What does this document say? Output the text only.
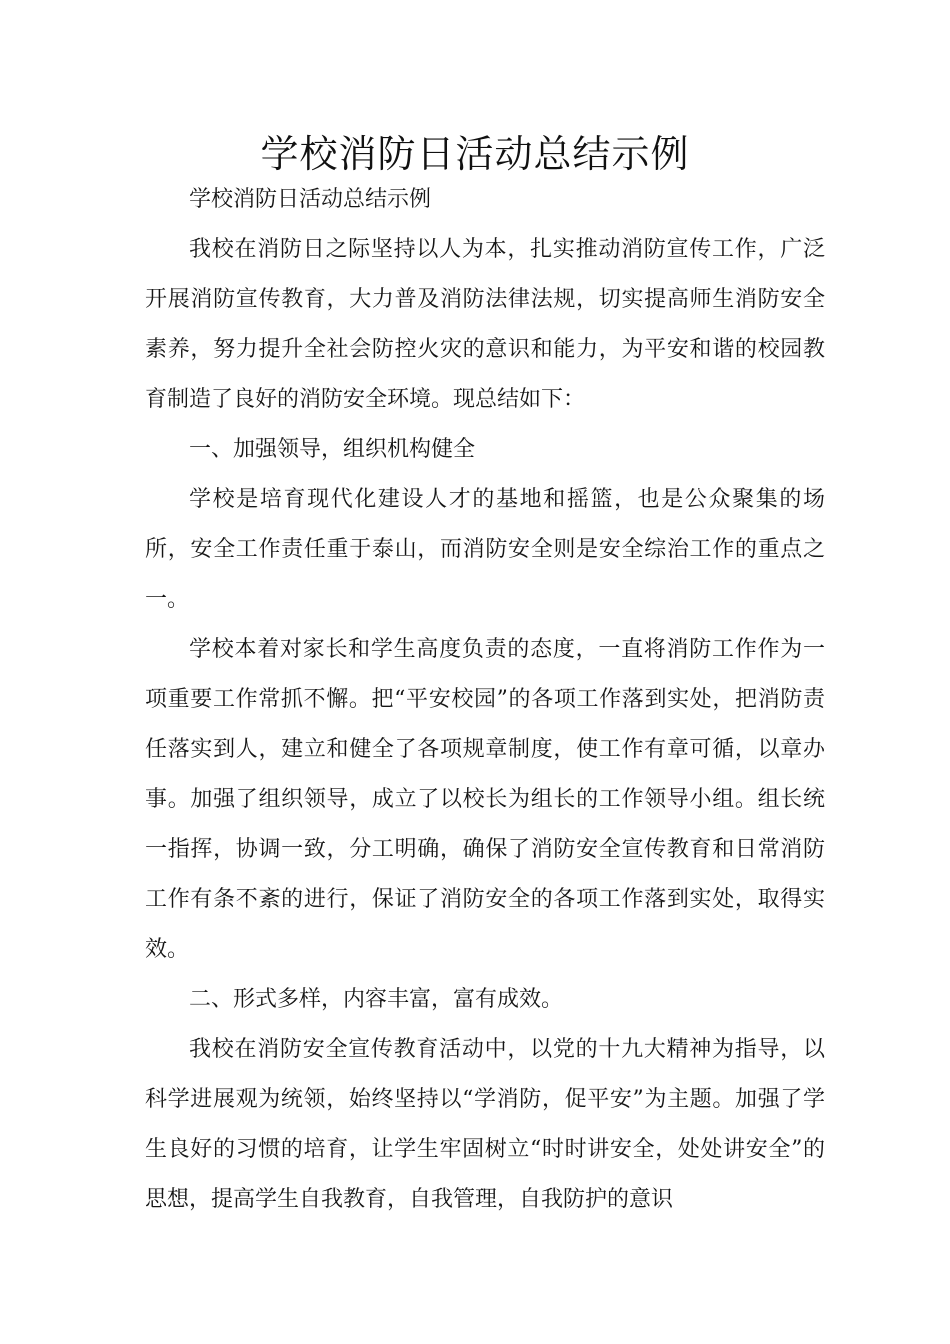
学校消防日活动总结示例

学校消防日活动总结示例

我校在消防日之际坚持以人为本，扎实推动消防宣传工作，广泛开展消防宣传教育，大力普及消防法律法规，切实提高师生消防安全素养，努力提升全社会防控火灾的意识和能力，为平安和谐的校园教育制造了良好的消防安全环境。现总结如下：

一、加强领导，组织机构健全

学校是培育现代化建设人才的基地和摇篮，也是公众聚集的场所，安全工作责任重于泰山，而消防安全则是安全综治工作的重点之一。

学校本着对家长和学生高度负责的态度，一直将消防工作作为一项重要工作常抓不懈。把“平安校园”的各项工作落到实处，把消防责任落实到人，建立和健全了各项规章制度，使工作有章可循，以章办事。加强了组织领导，成立了以校长为组长的工作领导小组。组长统一指挥，协调一致，分工明确，确保了消防安全宣传教育和日常消防工作有条不紊的进行，保证了消防安全的各项工作落到实处，取得实效。

二、形式多样，内容丰富，富有成效。

我校在消防安全宣传教育活动中，以党的十九大精神为指导，以科学进展观为统领，始终坚持以“学消防，促平安”为主题。加强了学生良好的习惯的培育，让学生牢固树立“时时讲安全，处处讲安全”的思想，提高学生自我教育，自我管理，自我防护的意识
